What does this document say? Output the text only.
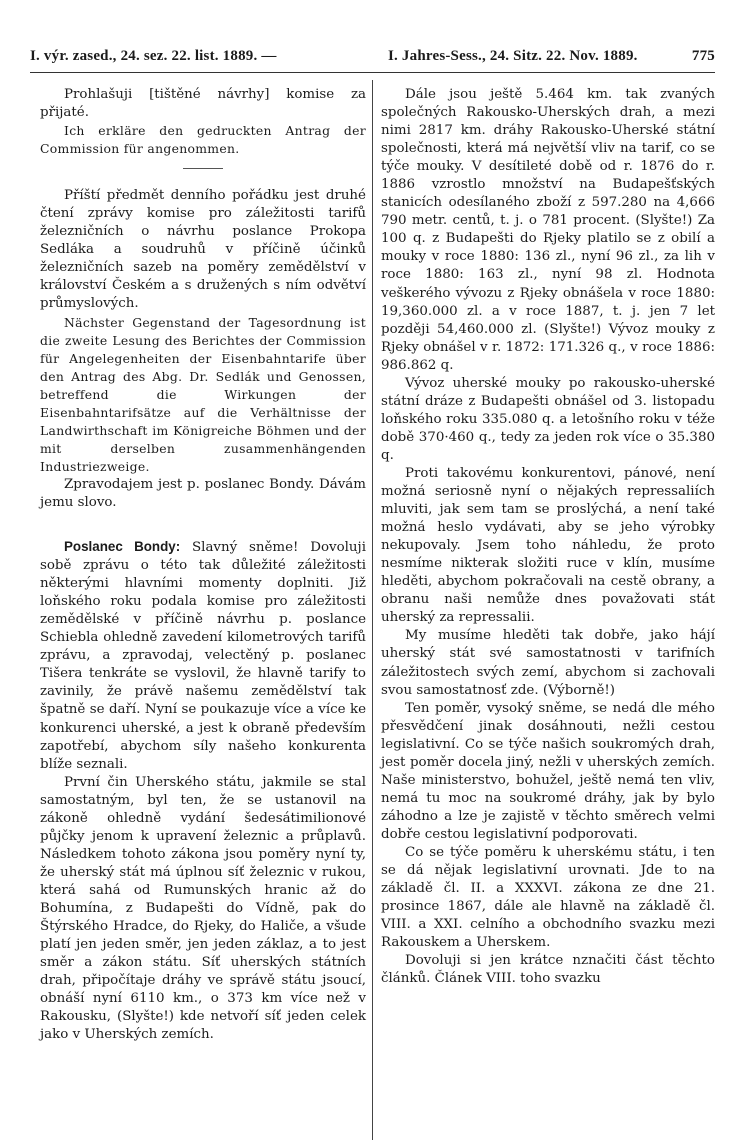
I. výr. zased., 24. sez. 22. list. 1889. —	I. Jahres-Sess., 24. Sitz. 22. Nov. 1889.	775

Prohlašuji [tištěné návrhy] komise za přijaté.

Ich erkläre den gedruckten Antrag der Commission für angenommen.

Příští předmět denního pořádku jest druhé čtení zprávy komise pro záležitosti tarifů železničních o návrhu poslance Prokopa Sedláka a soudruhů v příčině účinků železničních sazeb na poměry zemědělství v království Českém a s družených s ním odvětví průmyslových.

Nächster Gegenstand der Tagesordnung ist die zweite Lesung des Berichtes der Commission für Angelegenheiten der Eisenbahntarife über den Antrag des Abg. Dr. Sedlák und Genossen, betreffend die Wirkungen der Eisenbahntarifsätze auf die Verhältnisse der Landwirthschaft im Königreiche Böhmen und der mit derselben zusammenhängenden Industriezweige.

Zpravodajem jest p. poslanec Bondy. Dávám jemu slovo.

Poslanec Bondy: Slavný sněme! Dovoluji sobě zprávu o této tak důležité záležitosti některými hlavními momenty doplniti. Již loňského roku podala komise pro záležitosti zemědělské v příčině návrhu p. poslance Schiebla ohledně zavedení kilometrových tarifů zprávu, a zpravodaj, velectěný p. poslanec Tišera tenkráte se vyslovil, že hlavně tarify to zavinily, že právě našemu zemědělství tak špatně se daří. Nyní se poukazuje více a více ke konkurenci uherské, a jest k obraně především zapotřebí, abychom síly našeho konkurenta blíže seznali.

První čin Uherského státu, jakmile se stal samostatným, byl ten, že se ustanovil na zákoně ohledně vydání šedesátimilionové půjčky jenom k upravení železnic a průplavů. Následkem tohoto zákona jsou poměry nyní ty, že uherský stát má úplnou síť železnic v rukou, která sahá od Rumunských hranic až do Bohumína, z Budapešti do Vídně, pak do Štýrského Hradce, do Rjeky, do Haliče, a všude platí jen jeden směr, jen jeden záklaz, a to jest směr a zákon státu. Síť uherských státních drah, připočítaje dráhy ve správě státu jsoucí, obnáší nyní 6110 km., o 373 km více než v Rakousku, (Slyšte!) kde netvoří síť jeden celek jako v Uherských zemích.

Dále jsou ještě 5.464 km. tak zvaných společných Rakousko-Uherských drah, a mezi nimi 2817 km. dráhy Rakousko-Uherské státní společnosti, která má největší vliv na tarif, co se týče mouky. V desítileté době od r. 1876 do r. 1886 vzrostlo množství na Budapešťských stanicích odesílaného zboží z 597.280 na 4,666 790 metr. centů, t. j. o 781 procent. (Slyšte!) Za 100 q. z Budapešti do Rjeky platilo se z obilí a mouky v roce 1880: 136 zl., nyní 96 zl., za lih v roce 1880: 163 zl., nyní 98 zl. Hodnota veškerého vývozu z Rjeky obnášela v roce 1880: 19,360.000 zl. a v roce 1887, t. j. jen 7 let později 54,460.000 zl. (Slyšte!) Vývoz mouky z Rjeky obnášel v r. 1872: 171.326 q., v roce 1886: 986.862 q.

Vývoz uherské mouky po rakousko-uherské státní dráze z Budapešti obnášel od 3. listopadu loňského roku 335.080 q. a letošního roku v téže době 370·460 q., tedy za jeden rok více o 35.380 q.

Proti takovému konkurentovi, pánové, není možná seriosně nyní o nějakých repressaliích mluviti, jak sem tam se proslýchá, a není také možná heslo vydávati, aby se jeho výrobky nekupovaly. Jsem toho náhledu, že proto nesmíme nikterak složiti ruce v klín, musíme hleděti, abychom pokračovali na cestě obrany, a obranu naši nemůže dnes považovati stát uherský za repressalii.

My musíme hleděti tak dobře, jako hájí uherský stát své samostatnosti v tarifních záležitostech svých zemí, abychom si zachovali svou samostatnosť zde. (Výborně!)

Ten poměr, vysoký sněme, se nedá dle mého přesvědčení jinak dosáhnouti, nežli cestou legislativní. Co se týče našich soukromých drah, jest poměr docela jiný, nežli v uherských zemích. Naše ministerstvo, bohužel, ještě nemá ten vliv, nemá tu moc na soukromé dráhy, jak by bylo záhodno a lze je zajistě v těchto směrech velmi dobře cestou legislativní podporovati.

Co se týče poměru k uherskému státu, i ten se dá nějak legislativní urovnati. Jde to na základě čl. II. a XXXVI. zákona ze dne 21. prosince 1867, dále ale hlavně na základě čl. VIII. a XXI. celního a obchodního svazku mezi Rakouskem a Uherskem.

Dovoluji si jen krátce nznačiti část těchto článků. Článek VIII. toho svazku
